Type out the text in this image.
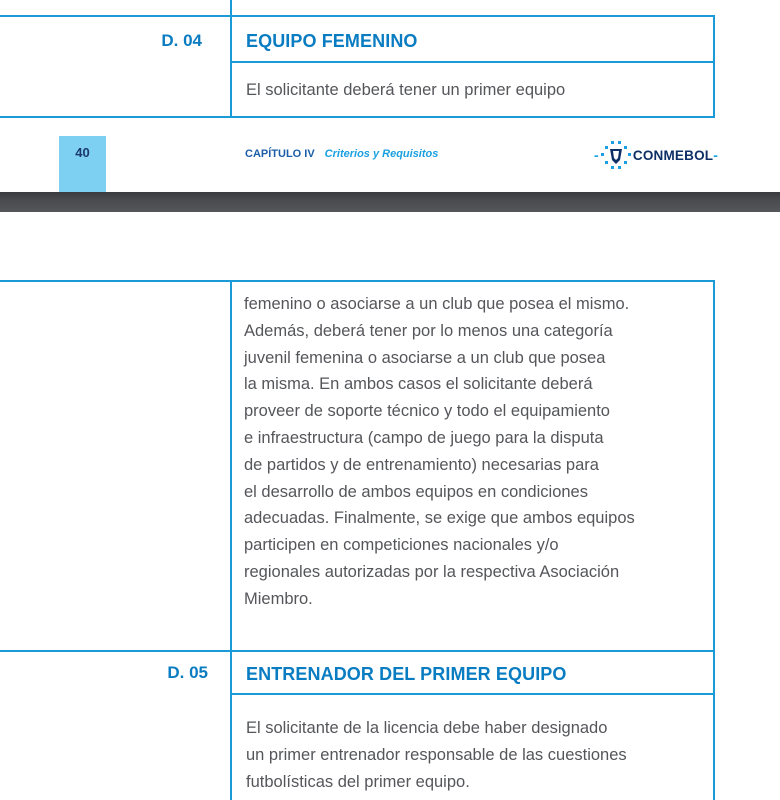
D. 04 EQUIPO FEMENINO
El solicitante deberá tener un primer equipo
40	CAPÍTULO IV Criterios y Requisitos	-	CONMEBOL -
femenino o asociarse a un club que posea el mismo.
Además, deberá tener por lo menos una categoría
juvenil femenina o asociarse a un club que posea
la misma. En ambos casos el solicitante deberá
proveer de soporte técnico y todo el equipamiento
e infraestructura (campo de juego para la disputa
de partidos y de entrenamiento) necesarias para
el desarrollo de ambos equipos en condiciones
adecuadas. Finalmente, se exige que ambos equipos
participen en competiciones nacionales y/o
regionales autorizadas por la respectiva Asociación
Miembro.
D. 05 ENTRENADOR DEL PRIMER EQUIPO
El solicitante de la licencia debe haber designado
un primer entrenador responsable de las cuestiones
futbolísticas del primer equipo.
